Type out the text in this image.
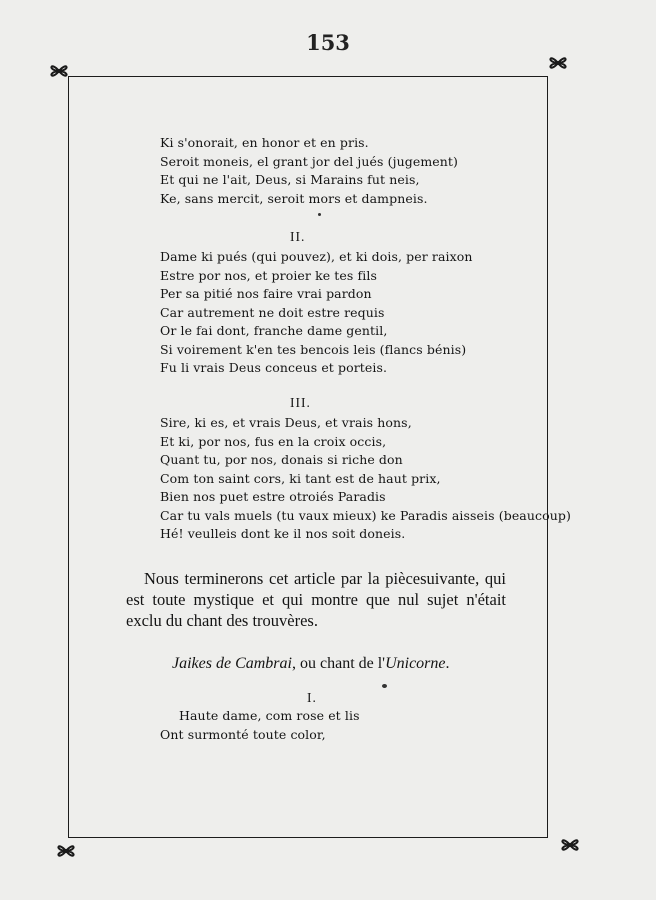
153
Ki s'onorait, en honor et en pris.
Seroit moneis, el grant jor del jués (jugement)
Et qui ne l'ait, Deus, si Marains fut neis,
Ke, sans mercit, seroit mors et dampneis.
II.
Dame ki pués (qui pouvez), et ki dois, per raixon
Estre por nos, et proier ke tes fils
Per sa pitié nos faire vrai pardon
Car autrement ne doit estre requis
Or le fai dont, franche dame gentil,
Si voirement k'en tes bencois leis (flancs bénis)
Fu li vrais Deus conceus et porteis.
III.
Sire, ki es, et vrais Deus, et vrais hons,
Et ki, por nos, fus en la croix occis,
Quant tu, por nos, donais si riche don
Com ton saint cors, ki tant est de haut prix,
Bien nos puet estre otroiés Paradis
Car tu vals muels (tu vaux mieux) ke Paradis aisseis (beaucoup)
Hé! veulleis dont ke il nos soit doneis.

Nous terminerons cet article par la piècesuivante, qui
est toute mystique et qui montre que nul sujet n'était
exclu du chant des trouvères.

Jaikes de Cambrai, ou chant de l'Unicorne.
I.
Haute dame, com rose et lis
Ont surmonté toute color,
